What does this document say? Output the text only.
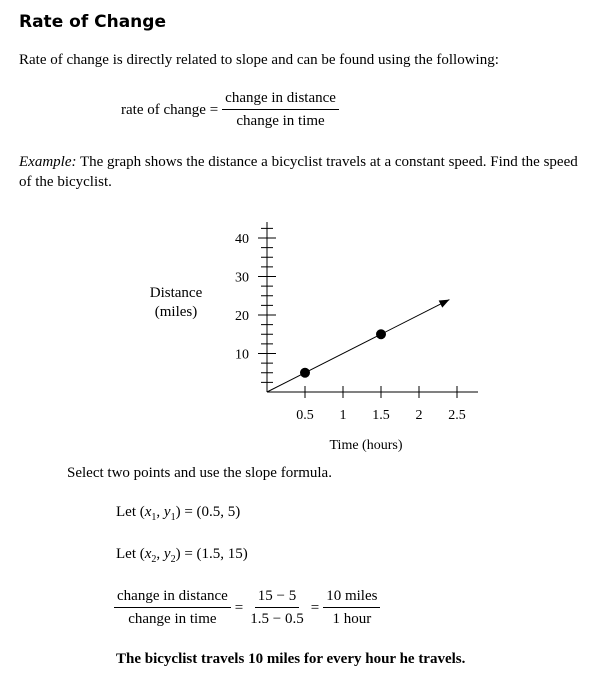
Rate of Change
Rate of change is directly related to slope and can be found using the following:
rate of change = $\frac{\text{change in distance}}{\text{change in time}}$
Example: The graph shows the distance a bicyclist travels at a constant speed. Find the speed of the bicyclist.
0.5 1 1.5 2 2.5
10
20
30
40
Time (hours)
Distance
(miles)
Select two points and use the slope formula.
Let ($x_1$, $y_1) = (0.5$, 5)
Let ($x_2$, $y_2) = (1.5$, 15)
$\frac{\text{change in distance}}{\text{change in time}} = \frac{15 - 5}{1.5 - 0.5} = \frac{\text{10 miles}}{\text{1 hour}}$
The bicyclist travels 10 miles for every hour he travels.
